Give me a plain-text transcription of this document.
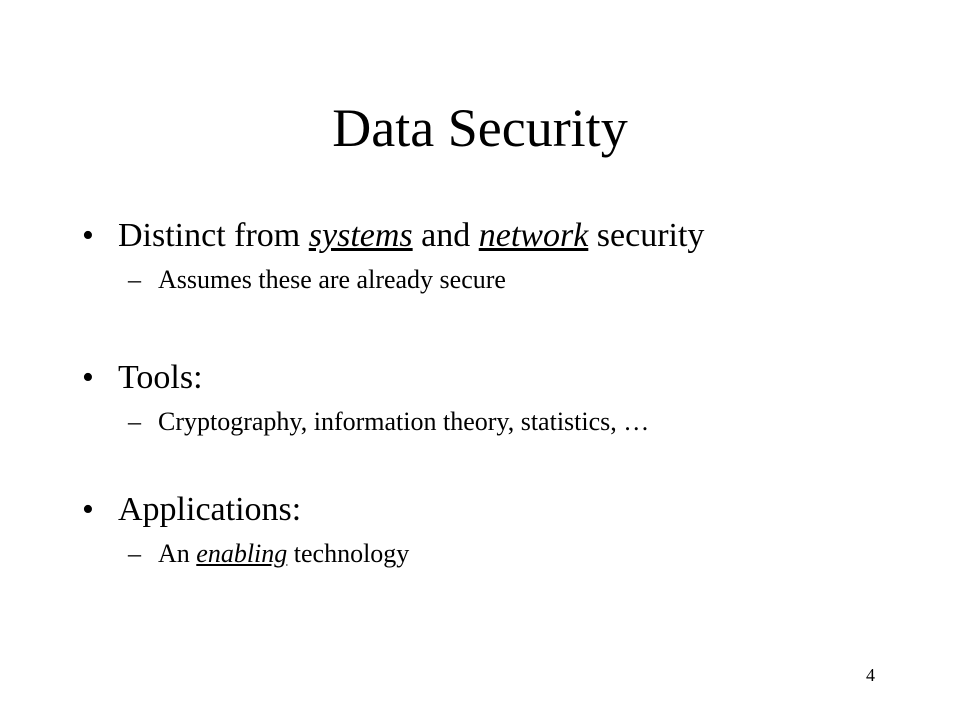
Data Security
• Distinct from systems and network security
– Assumes these are already secure
• Tools:
– Cryptography, information theory, statistics, …
• Applications:
– An enabling technology
4
